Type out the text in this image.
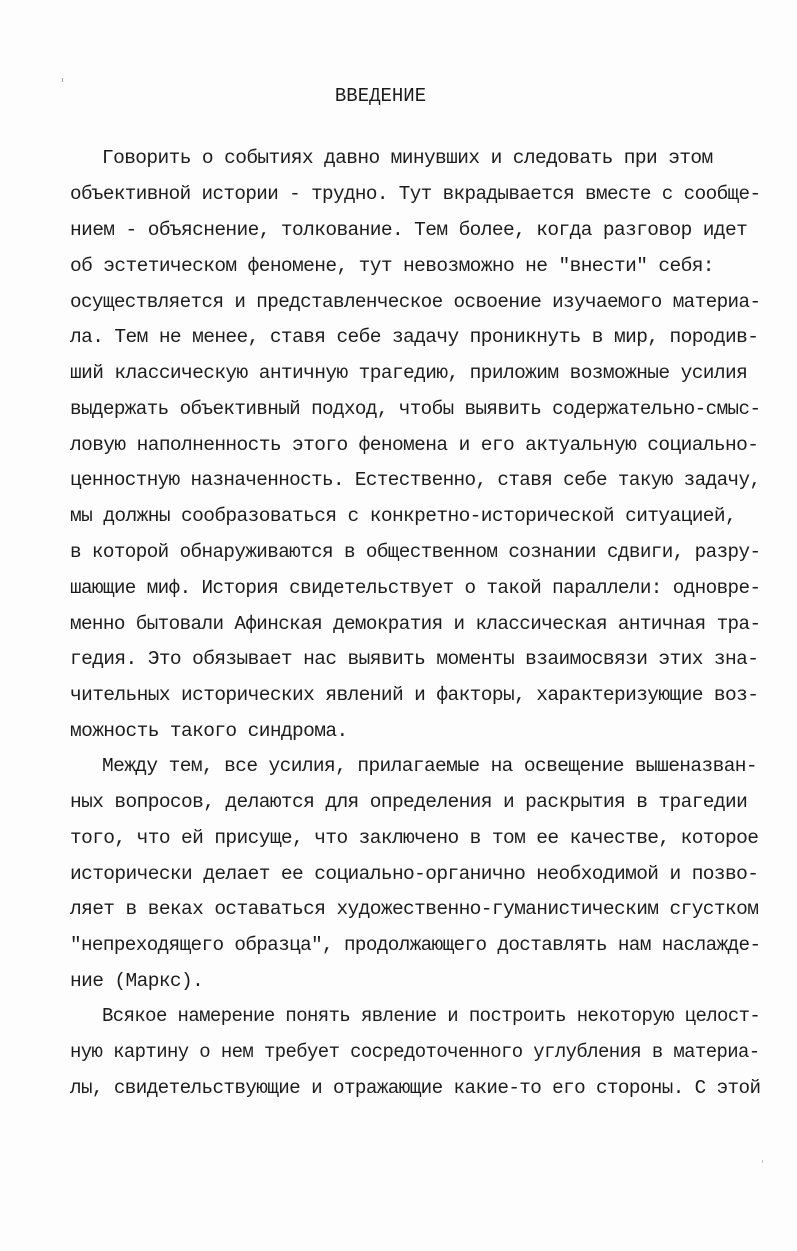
ВВЕДЕНИЕ
Говорить о событиях давно минувших и следовать при этом
объективной истории - трудно. Тут вкрадывается вместе с сообще-
нием - объяснение, толкование. Тем более, когда разговор идет
об эстетическом феномене, тут невозможно не "внести" себя:
осуществляется и представленческое освоение изучаемого материа-
ла. Тем не менее, ставя себе задачу проникнуть в мир, породив-
ший классическую античную трагедию, приложим возможные усилия
выдержать объективный подход, чтобы выявить содержательно-смыс-
ловую наполненность этого феномена и его актуальную социально-
ценностную назначенность. Естественно, ставя себе такую задачу,
мы должны сообразоваться с конкретно-исторической ситуацией,
в которой обнаруживаются в общественном сознании сдвиги, разру-
шающие миф. История свидетельствует о такой параллели: одновре-
менно бытовали Афинская демократия и классическая античная тра-
гедия. Это обязывает нас выявить моменты взаимосвязи этих зна-
чительных исторических явлений и факторы, характеризующие воз-
можность такого синдрома.
Между тем, все усилия, прилагаемые на освещение вышеназван-
ных вопросов, делаются для определения и раскрытия в трагедии
того, что ей присуще, что заключено в том ее качестве, которое
исторически делает ее социально-органично необходимой и позво-
ляет в веках оставаться художественно-гуманистическим сгустком
"непреходящего образца", продолжающего доставлять нам наслажде-
ние (Маркс).
Всякое намерение понять явление и построить некоторую целост-
ную картину о нем требует сосредоточенного углубления в материа-
лы, свидетельствующие и отражающие какие-то его стороны. С этой
